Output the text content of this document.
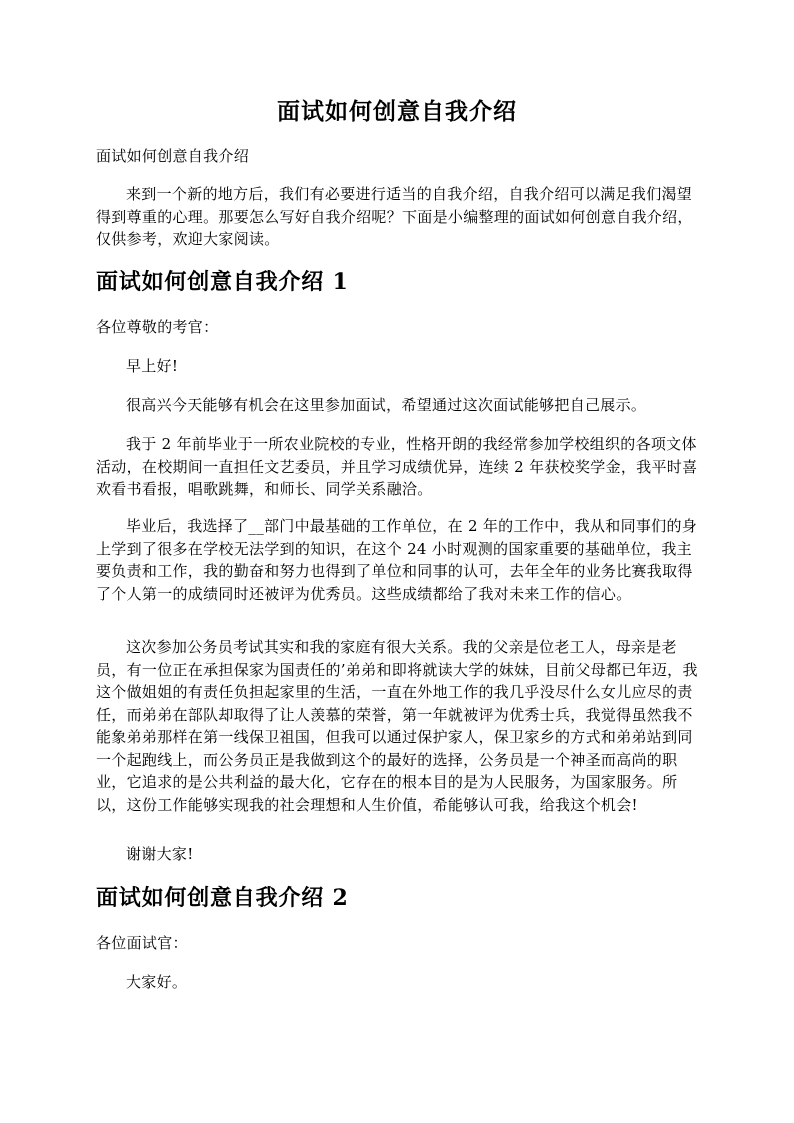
面试如何创意自我介绍

面试如何创意自我介绍

来到一个新的地方后，我们有必要进行适当的自我介绍，自我介绍可以满足我们渴望得到尊重的心理。那要怎么写好自我介绍呢？下面是小编整理的面试如何创意自我介绍，仅供参考，欢迎大家阅读。

面试如何创意自我介绍 1

各位尊敬的考官：

早上好!

很高兴今天能够有机会在这里参加面试，希望通过这次面试能够把自己展示。

我于 2 年前毕业于一所农业院校的专业，性格开朗的我经常参加学校组织的各项文体活动，在校期间一直担任文艺委员，并且学习成绩优异，连续 2 年获校奖学金，我平时喜欢看书看报，唱歌跳舞，和师长、同学关系融洽。

毕业后，我选择了__部门中最基础的工作单位，在 2 年的工作中，我从和同事们的身上学到了很多在学校无法学到的知识，在这个 24 小时观测的国家重要的基础单位，我主要负责和工作，我的勤奋和努力也得到了单位和同事的认可，去年全年的业务比赛我取得了个人第一的成绩同时还被评为优秀员。这些成绩都给了我对未来工作的信心。

这次参加公务员考试其实和我的家庭有很大关系。我的父亲是位老工人，母亲是老员，有一位正在承担保家为国责任的’弟弟和即将就读大学的妹妹，目前父母都已年迈，我这个做姐姐的有责任负担起家里的生活，一直在外地工作的我几乎没尽什么女儿应尽的责任，而弟弟在部队却取得了让人羡慕的荣誉，第一年就被评为优秀士兵，我觉得虽然我不能象弟弟那样在第一线保卫祖国，但我可以通过保护家人，保卫家乡的方式和弟弟站到同一个起跑线上，而公务员正是我做到这个的最好的选择，公务员是一个神圣而高尚的职业，它追求的是公共利益的最大化，它存在的根本目的是为人民服务，为国家服务。所以，这份工作能够实现我的社会理想和人生价值，希能够认可我，给我这个机会!

谢谢大家!

面试如何创意自我介绍 2

各位面试官：

大家好。
